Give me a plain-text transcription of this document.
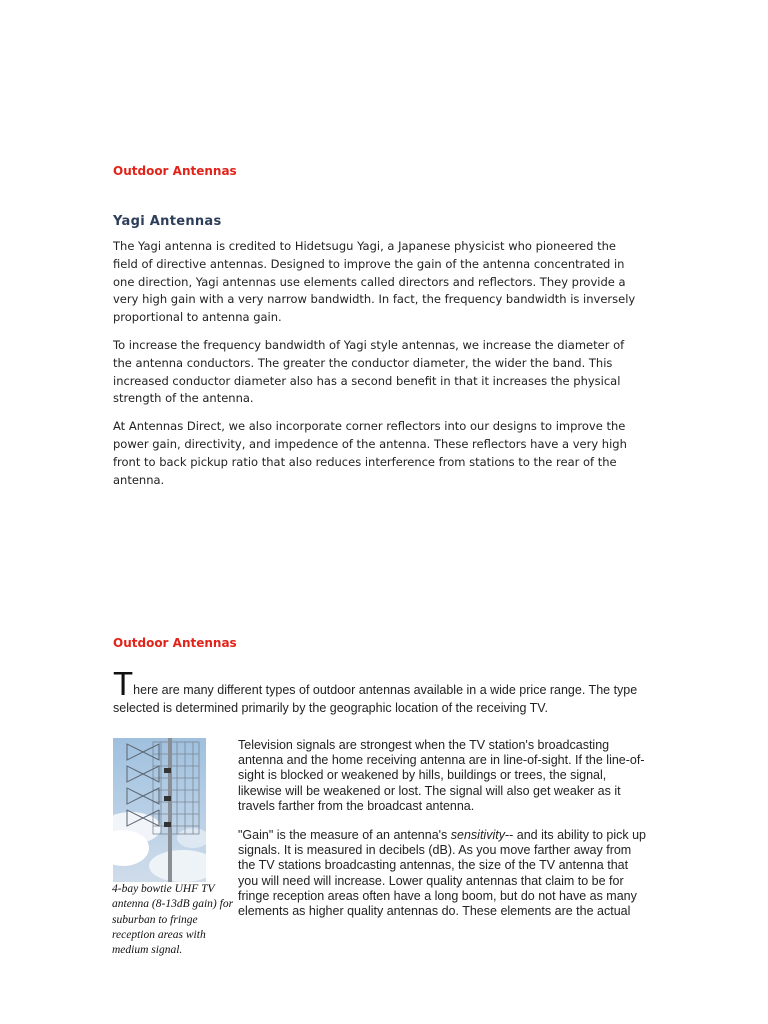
Outdoor Antennas
Yagi Antennas

The Yagi antenna is credited to Hidetsugu Yagi, a Japanese physicist who pioneered the field of directive antennas. Designed to improve the gain of the antenna concentrated in one direction, Yagi antennas use elements called directors and reflectors. They provide a very high gain with a very narrow bandwidth. In fact, the frequency bandwidth is inversely proportional to antenna gain.

To increase the frequency bandwidth of Yagi style antennas, we increase the diameter of the antenna conductors. The greater the conductor diameter, the wider the band. This increased conductor diameter also has a second benefit in that it increases the physical strength of the antenna.

At Antennas Direct, we also incorporate corner reflectors into our designs to improve the power gain, directivity, and impedence of the antenna. These reflectors have a very high front to back pickup ratio that also reduces interference from stations to the rear of the antenna.

Outdoor Antennas

There are many different types of outdoor antennas available in a wide price range. The type selected is determined primarily by the geographic location of the receiving TV.

4-bay bowtie UHF TV antenna (8-13dB gain) for suburban to fringe reception areas with medium signal.

Television signals are strongest when the TV station's broadcasting antenna and the home receiving antenna are in line-of-sight. If the line-of-sight is blocked or weakened by hills, buildings or trees, the signal, likewise will be weakened or lost. The signal will also get weaker as it travels farther from the broadcast antenna.

"Gain" is the measure of an antenna's sensitivity-- and its ability to pick up signals. It is measured in decibels (dB). As you move farther away from the TV stations broadcasting antennas, the size of the TV antenna that you will need will increase. Lower quality antennas that claim to be for fringe reception areas often have a long boom, but do not have as many elements as higher quality antennas do. These elements are the actual
